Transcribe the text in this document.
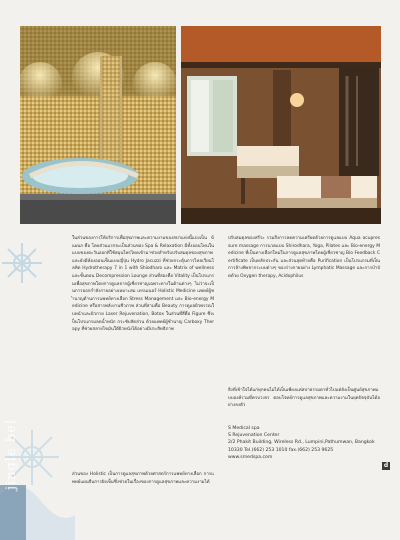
jingle bel
ในส่วนของการให้บริการเพื่อสุขภาพและความงามของสปาแห่งนี้แบ่งเป็น 6 แผนก คือ โดยส่วนแรกจะเป็นส่วนของ Spa & Relaxation มีทั้งออนโทนในแบบของตะวันออกที่ใช้สมุนไพรไทยเข้ามาช่วยสำหรับปรับสมดุลของสุขภาพ และยังมีห้องออนเซ็นแบบญี่ปุ่น Hydro Jacuzzi ที่ช่วยกระตุ้นการไหลเวียนโลหิต Hydrotherapy 7 in 1 with Shiodharo และ Matrix of wellness และขั้นตอน Decompression Lounge ส่วนที่สองคือ Vitality เป็นโปรแกรมเพื่อสุขภาพโดยการดูแลจากผู้เชี่ยวชาญเฉพาะทางในด้านต่างๆ ไม่ว่าจะเป็นการออกกำลังกายอย่างเหมาะสม เทรนเนอร์ Holistic Medicine แพทย์ผู้ชำนาญด้านการแพทย์ทางเลือก Stress Management และ Bio-energy Medicine หรือสารพลังงานชีวภาพ ส่วนที่สามคือ Beauty การดูแลผิวพรรณใบหน้าและผิวกาย Laser Rejuvenation, Botox ในส่วนที่สี่คือ Figure ซึ่งเป็นโปรแกรมลดน้ำหนัก กระชับสัดส่วน ด้วยแพทย์ผู้ชำนาญ Carboxy Therapy ที่ช่วยสลายไขมันใต้ผิวหนังได้อย่างมีประสิทธิภาพ
ส่วนของ Holistic เป็นการดูแลสุขภาพด้วยศาสตร์การแพทย์ทางเลือก การแพทย์แผนจีนการฝังเข็มซึ่งช่วยในเรื่องของการดูแลสุขภาพและความงามได้
ปรับสมดุลของสรีระ รวมถึงการลดความเครียดด้วยการดูแลแบบ Aqua acupressure massage การนวดแบบ Shirodhara, Yoga, Pilates และ Bio-energy Medicine ที่เป็นทางเลือกใหม่ในการดูแลสุขภาพโดยผู้เชี่ยวชาญ Bio Feedback Certificate เป็นหลักประกัน และส่วนสุดท้ายคือ Purification เป็นโปรแกรมที่เป็นการล้างพิษจากระบบต่างๆ ของร่างกายอย่าง Lymphatic Massage และการบำบัดด้วย Oxygen therapy, Acidophilus
สิ่งที่เข้าใจได้แก่ทุกคนไม่ได้เป็นเพียงแค่สปาธรรมดาทั่วไปแต่ยังเป็นศูนย์สุขภาพแบบองค์รวมที่ครบวงจร ตอบโจทย์การดูแลสุขภาพและความงามในยุคปัจจุบันได้อย่างลงตัว
S Medical spa
S Rejuvenation Center
2/2 Phakit Building, Wireless Rd., Lumpini,Pathumwan, Bangkok
10330 Tel.(662) 253 1010 fax.(662) 253 9625
www.smedspa.com
d
